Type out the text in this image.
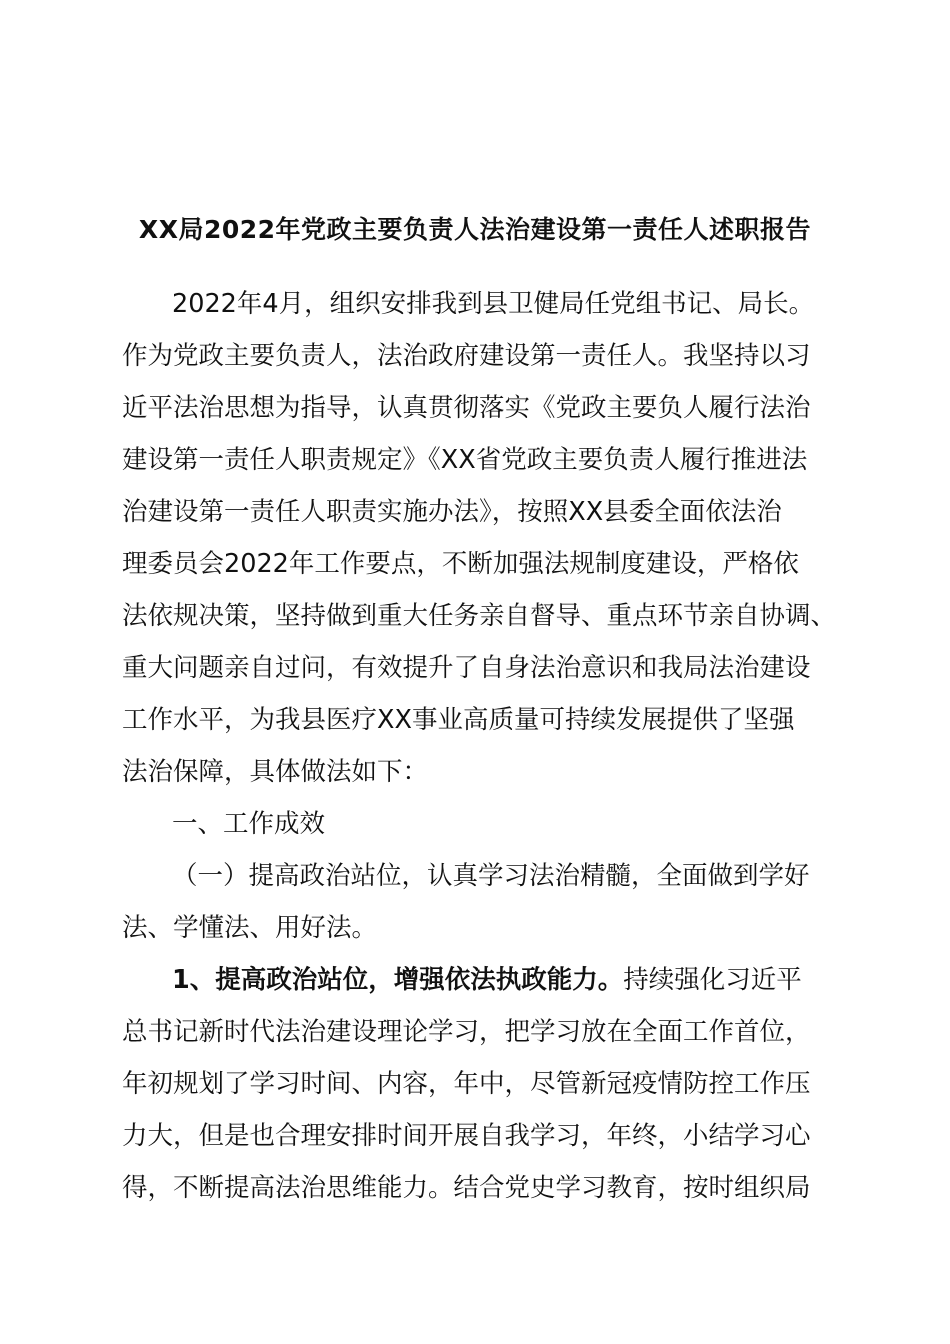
XX局2022年党政主要负责人法治建设第一责任人述职报告
2022年4月，组织安排我到县卫健局任党组书记、局长。
作为党政主要负责人，法治政府建设第一责任人。我坚持以习
近平法治思想为指导，认真贯彻落实《党政主要负人履行法治
建设第一责任人职责规定》《XX省党政主要负责人履行推进法
治建设第一责任人职责实施办法》，按照XX县委全面依法治
理委员会2022年工作要点，不断加强法规制度建设，严格依
法依规决策，坚持做到重大任务亲自督导、重点环节亲自协调、
重大问题亲自过问，有效提升了自身法治意识和我局法治建设
工作水平，为我县医疗XX事业高质量可持续发展提供了坚强
法治保障，具体做法如下：
一、工作成效
（一）提高政治站位，认真学习法治精髓，全面做到学好
法、学懂法、用好法。
1、提高政治站位，增强依法执政能力。持续强化习近平
总书记新时代法治建设理论学习，把学习放在全面工作首位，
年初规划了学习时间、内容，年中，尽管新冠疫情防控工作压
力大，但是也合理安排时间开展自我学习，年终，小结学习心
得，不断提高法治思维能力。结合党史学习教育，按时组织局
